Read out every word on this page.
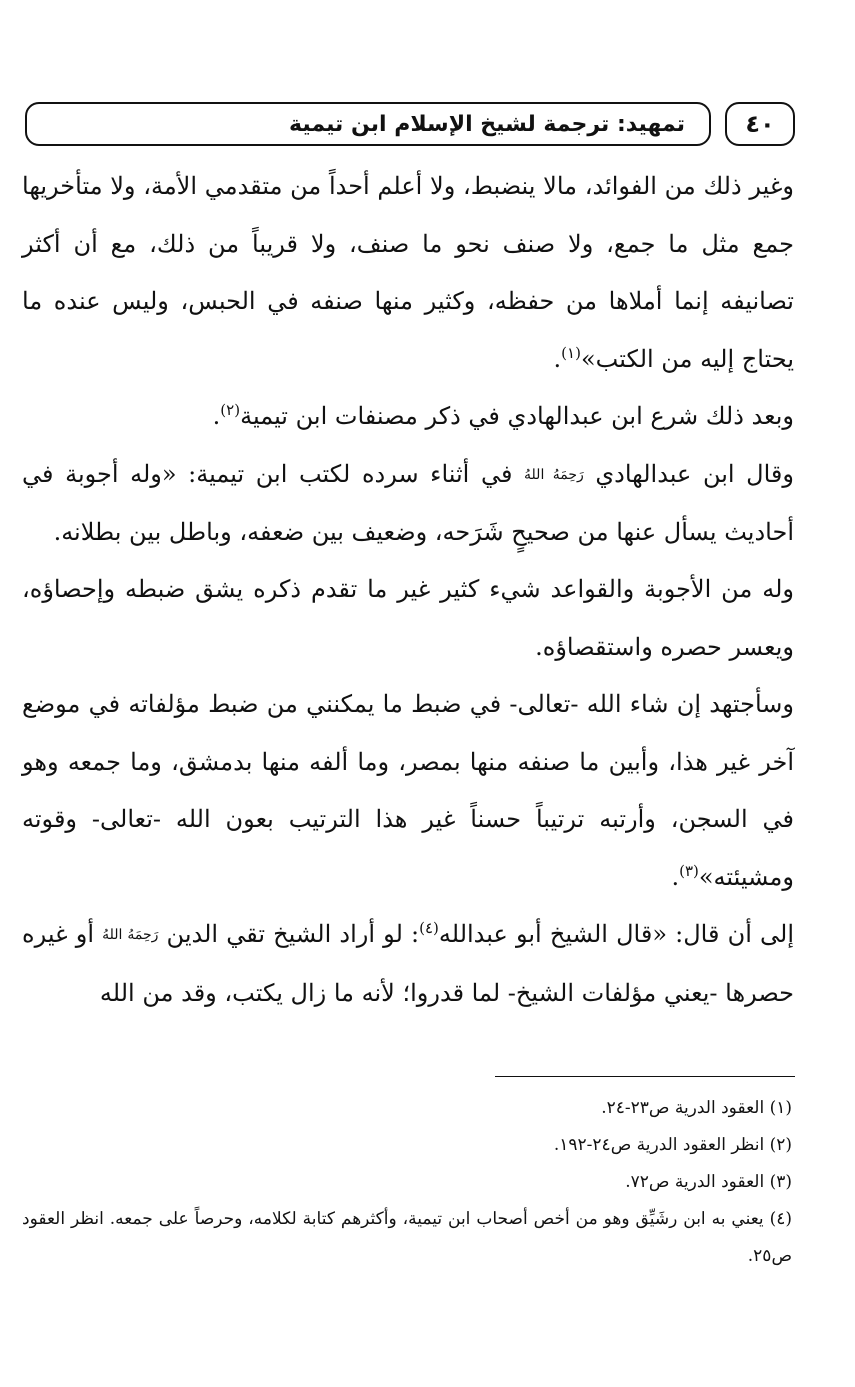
٤٠
تمهيد: ترجمة لشيخ الإسلام ابن تيمية

وغير ذلك من الفوائد، مالا ينضبط، ولا أعلم أحداً من متقدمي الأمة، ولا متأخريها جمع مثل ما جمع، ولا صنف نحو ما صنف، ولا قريباً من ذلك، مع أن أكثر تصانيفه إنما أملاها من حفظه، وكثير منها صنفه في الحبس، وليس عنده ما يحتاج إليه من الكتب»$^{(١)}$.

وبعد ذلك شرع ابن عبدالهادي في ذكر مصنفات ابن تيمية$^{(٢)}$.

وقال ابن عبدالهادي رَحِمَهُ اللهُ في أثناء سرده لكتب ابن تيمية: «وله أجوبة في أحاديث يسأل عنها من صحيحٍ شَرَحه، وضعيف بين ضعفه، وباطل بين بطلانه.

وله من الأجوبة والقواعد شيء كثير غير ما تقدم ذكره يشق ضبطه وإحصاؤه، ويعسر حصره واستقصاؤه.

وسأجتهد إن شاء الله -تعالى- في ضبط ما يمكنني من ضبط مؤلفاته في موضع آخر غير هذا، وأبين ما صنفه منها بمصر، وما ألفه منها بدمشق، وما جمعه وهو في السجن، وأرتبه ترتيباً حسناً غير هذا الترتيب بعون الله -تعالى- وقوته ومشيئته»$^{(٣)}$.

إلى أن قال: «قال الشيخ أبو عبدالله$^{(٤)}$: لو أراد الشيخ تقي الدين رَحِمَهُ اللهُ أو غيره حصرها -يعني مؤلفات الشيخ- لما قدروا؛ لأنه ما زال يكتب، وقد من الله

(١) العقود الدرية ص٢٣-٢٤.

(٢) انظر العقود الدرية ص٢٤-١٩٢.

(٣) العقود الدرية ص٧٢.

(٤) يعني به ابن رشَيِّق وهو من أخص أصحاب ابن تيمية، وأكثرهم كتابة لكلامه، وحرصاً على جمعه. انظر العقود ص٢٥.
